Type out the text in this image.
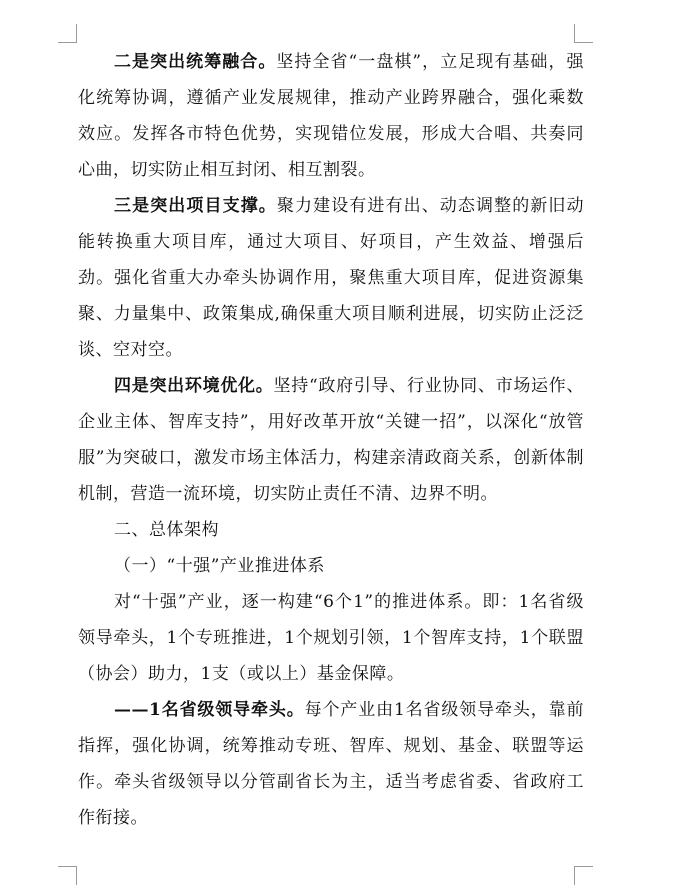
二是突出统筹融合。坚持全省“一盘棋”，立足现有基础，强化统筹协调，遵循产业发展规律，推动产业跨界融合，强化乘数效应。发挥各市特色优势，实现错位发展，形成大合唱、共奏同心曲，切实防止相互封闭、相互割裂。

三是突出项目支撑。聚力建设有进有出、动态调整的新旧动能转换重大项目库，通过大项目、好项目，产生效益、增强后劲。强化省重大办牵头协调作用，聚焦重大项目库，促进资源集聚、力量集中、政策集成,确保重大项目顺利进展，切实防止泛泛谈、空对空。

四是突出环境优化。坚持“政府引导、行业协同、市场运作、企业主体、智库支持”，用好改革开放“关键一招”，以深化“放管服”为突破口，激发市场主体活力，构建亲清政商关系，创新体制机制，营造一流环境，切实防止责任不清、边界不明。

二、总体架构

（一）“十强”产业推进体系

对“十强”产业，逐一构建“6个1”的推进体系。即：1名省级领导牵头，1个专班推进，1个规划引领，1个智库支持，1个联盟（协会）助力，1支（或以上）基金保障。

——1名省级领导牵头。每个产业由1名省级领导牵头，靠前指挥，强化协调，统筹推动专班、智库、规划、基金、联盟等运作。牵头省级领导以分管副省长为主，适当考虑省委、省政府工作衔接。
